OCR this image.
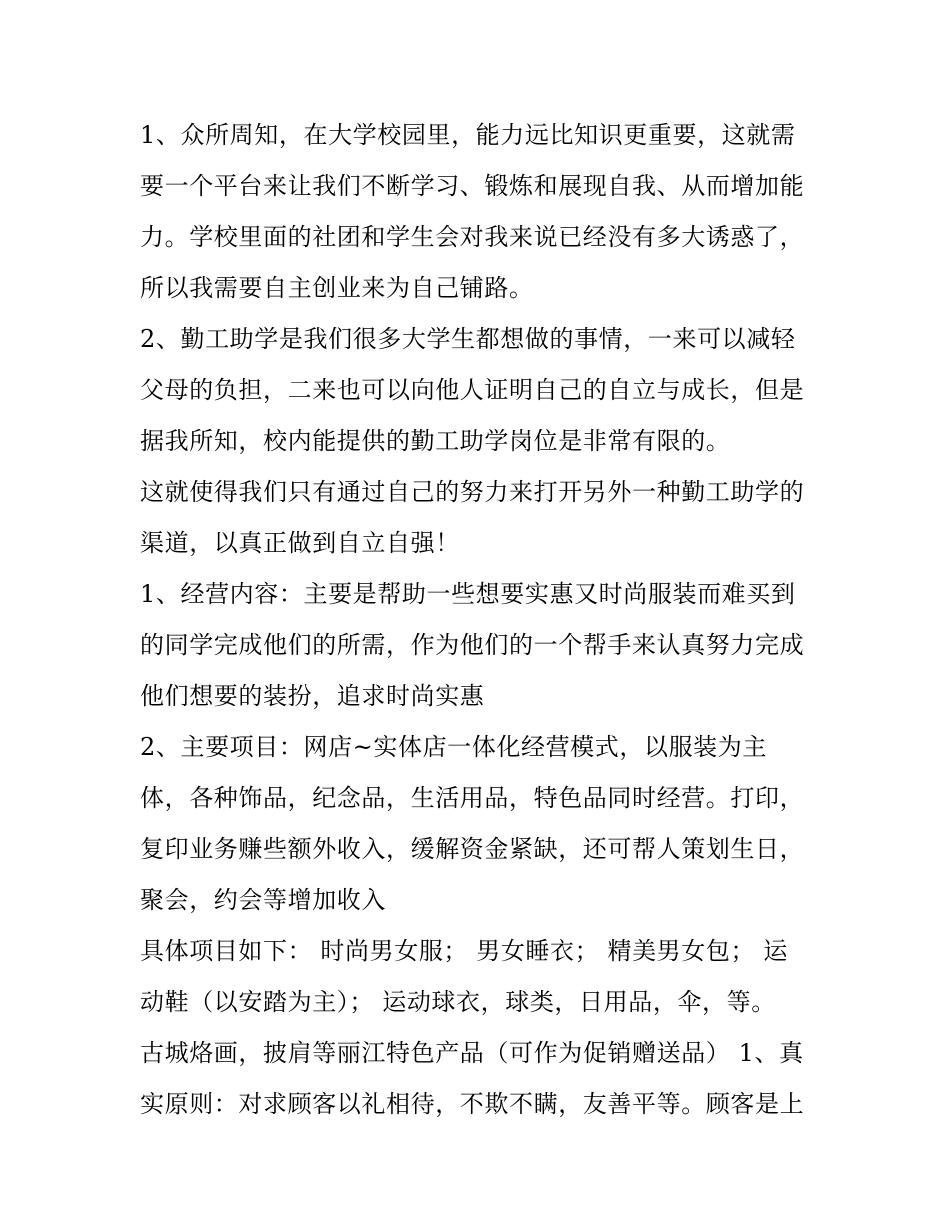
1、众所周知，在大学校园里，能力远比知识更重要，这就需
要一个平台来让我们不断学习、锻炼和展现自我、从而增加能
力。学校里面的社团和学生会对我来说已经没有多大诱惑了，
所以我需要自主创业来为自己铺路。
2、勤工助学是我们很多大学生都想做的事情，一来可以减轻
父母的负担，二来也可以向他人证明自己的自立与成长，但是
据我所知，校内能提供的勤工助学岗位是非常有限的。
这就使得我们只有通过自己的努力来打开另外一种勤工助学的
渠道，以真正做到自立自强！
1、经营内容：主要是帮助一些想要实惠又时尚服装而难买到
的同学完成他们的所需，作为他们的一个帮手来认真努力完成
他们想要的装扮，追求时尚实惠
2、主要项目：网店~实体店一体化经营模式，以服装为主
体，各种饰品，纪念品，生活用品，特色品同时经营。打印，
复印业务赚些额外收入，缓解资金紧缺，还可帮人策划生日，
聚会，约会等增加收入
具体项目如下： 时尚男女服； 男女睡衣； 精美男女包； 运
动鞋（以安踏为主）； 运动球衣，球类，日用品，伞，等。
古城烙画，披肩等丽江特色产品（可作为促销赠送品） 1、真
实原则：对求顾客以礼相待，不欺不瞒，友善平等。顾客是上
